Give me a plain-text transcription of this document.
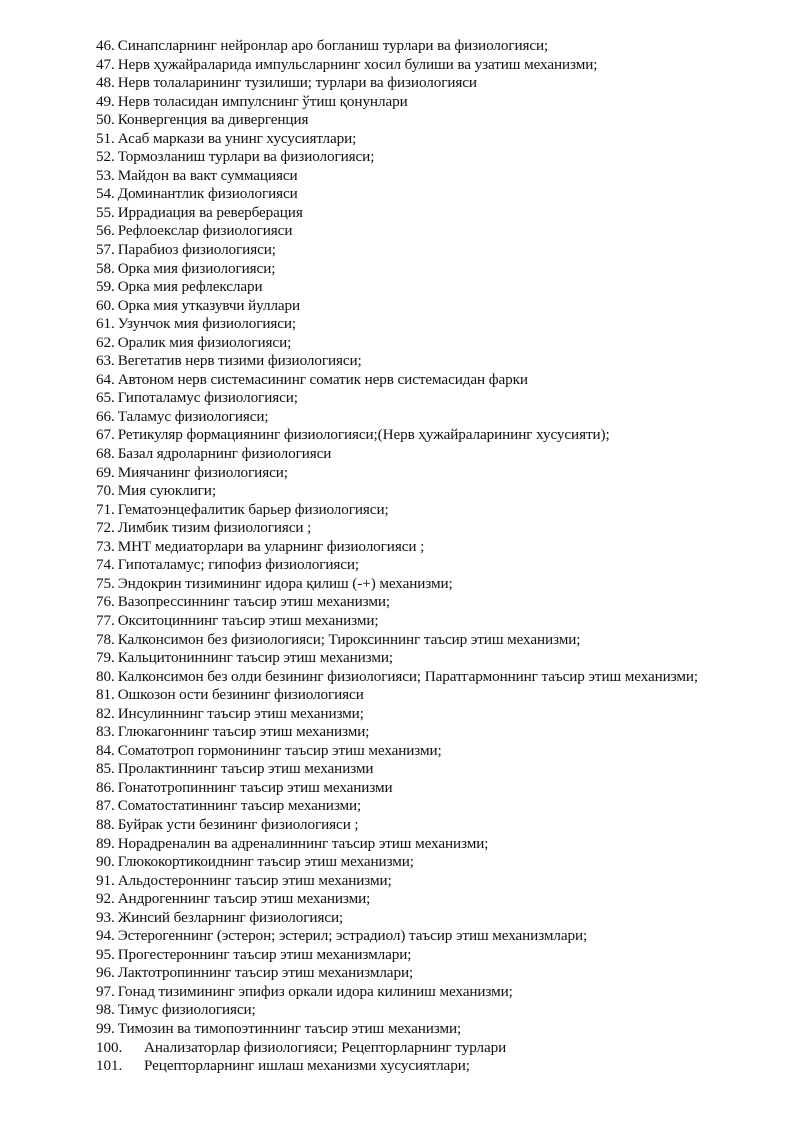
46. Синапсларнинг нейронлар аро богланиш турлари ва физиологияси;
47. Нерв ҳужайраларида импульсларнинг хосил булиши ва узатиш механизми;
48. Нерв толаларининг тузилиши; турлари ва физиологияси
49. Нерв толасидан импулснинг ўтиш қонунлари
50. Конвергенция ва дивергенция
51. Асаб маркази ва унинг хусусиятлари;
52. Тормозланиш турлари ва физиологияси;
53. Майдон ва вакт суммацияси
54. Доминантлик физиологияси
55. Иррадиация ва реверберация
56. Рефлоекслар физиологияси
57. Парабиоз физиологияси;
58. Орка мия физиологияси;
59. Орка мия рефлекслари
60. Орка мия утказувчи йуллари
61. Узунчок мия физиологияси;
62. Оралик мия физиологияси;
63. Вегетатив нерв тизими физиологияси;
64. Автоном нерв системасининг соматик нерв системасидан фарки
65. Гипоталамус физиологияси;
66. Таламус физиологияси;
67. Ретикуляр формациянинг физиологияси;(Нерв ҳужайраларининг хусусияти);
68. Базал ядроларнинг физиологияси
69. Миячанинг физиологияси;
70. Мия суюклиги;
71. Гематоэнцефалитик барьер физиологияси;
72. Лимбик тизим физиологияси ;
73. МНТ медиаторлари ва уларнинг физиологияси ;
74. Гипоталамус; гипофиз физиологияси;
75. Эндокрин тизимининг идора қилиш (-+) механизми;
76. Вазопрессиннинг таъсир этиш механизми;
77. Окситоциннинг таъсир этиш механизми;
78. Калконсимон без физиологияси; Тироксиннинг таъсир этиш механизми;
79. Кальцитониннинг таъсир этиш механизми;
80. Калконсимон без олди безининг физиологияси; Паратгармоннинг таъсир этиш механизми;
81. Ошкозон ости безининг физиологияси
82. Инсулиннинг таъсир этиш механизми;
83. Глюкагоннинг таъсир этиш механизми;
84. Соматотроп гормонининг таъсир этиш механизми;
85. Пролактиннинг таъсир этиш механизми
86. Гонатотропиннинг таъсир этиш механизми
87. Соматостатиннинг таъсир механизми;
88. Буйрак усти безининг физиологияси ;
89. Норадреналин ва адреналиннинг таъсир этиш механизми;
90. Глюкокортикоиднинг таъсир этиш механизми;
91. Альдостероннинг таъсир этиш механизми;
92. Андрогеннинг таъсир этиш механизми;
93. Жинсий безларнинг физиологияси;
94. Эстерогеннинг (эстерон; эстерил; эстрадиол) таъсир этиш механизмлари;
95. Прогестероннинг таъсир этиш механизмлари;
96. Лактотропиннинг таъсир этиш механизмлари;
97. Гонад тизимининг эпифиз оркали идора килиниш механизми;
98. Тимус физиологияси;
99. Тимозин ва тимопоэтиннинг таъсир этиш механизми;
100.	Анализаторлар физиологияси; Рецепторларнинг турлари
101.	Рецепторларнинг ишлаш механизми хусусиятлари;
